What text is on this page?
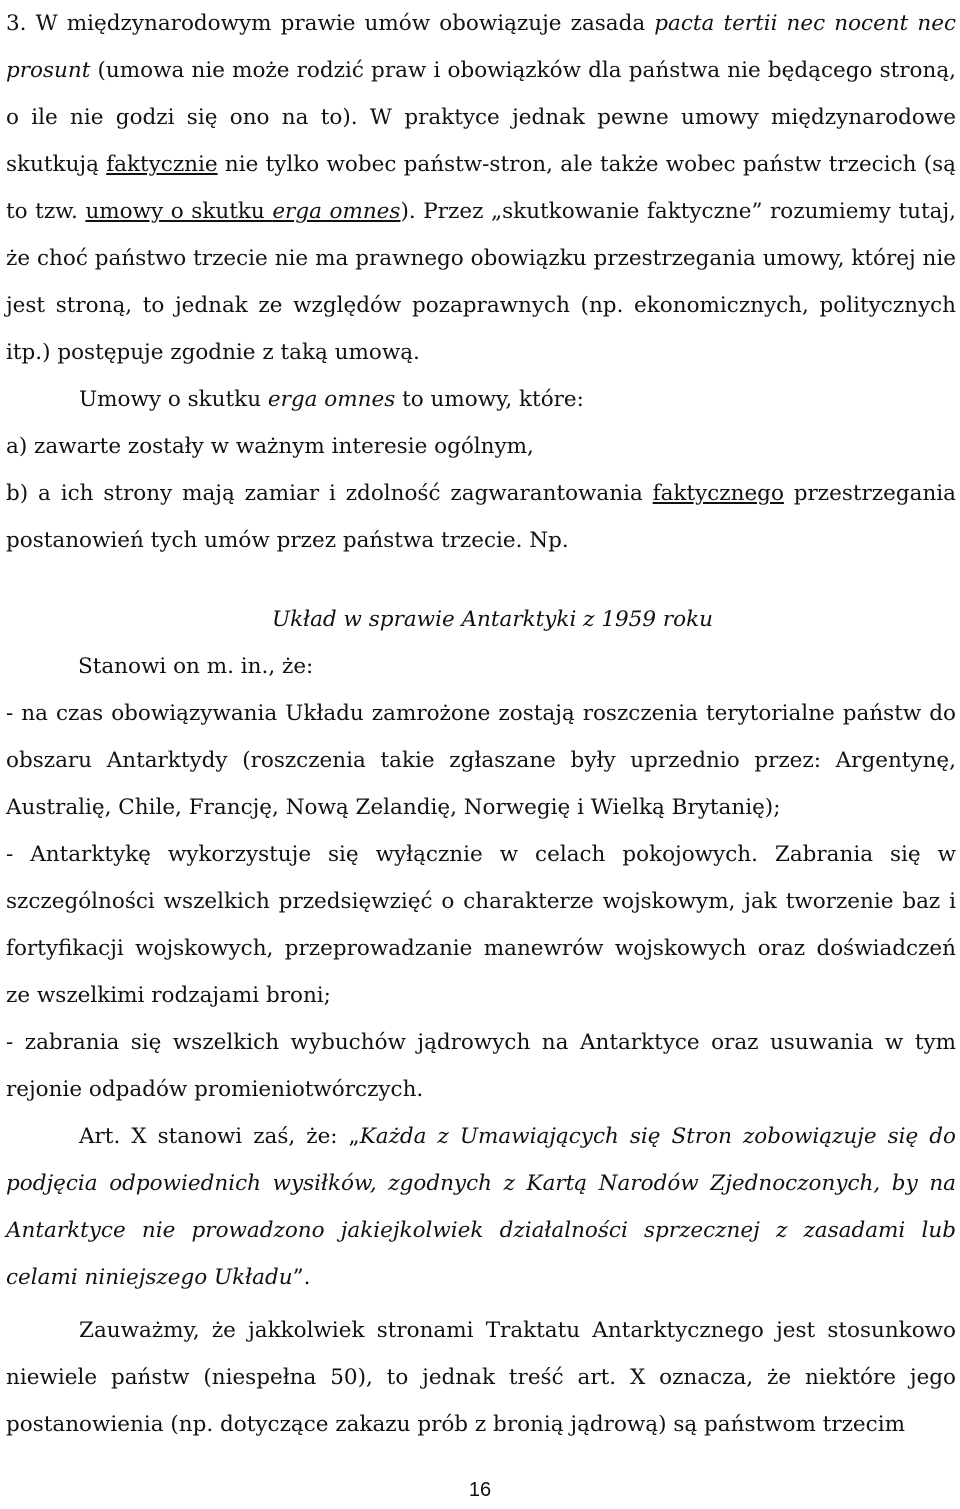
3. W międzynarodowym prawie umów obowiązuje zasada pacta tertii nec nocent nec prosunt (umowa nie może rodzić praw i obowiązków dla państwa nie będącego stroną, o ile nie godzi się ono na to). W praktyce jednak pewne umowy międzynarodowe skutkują faktycznie nie tylko wobec państw-stron, ale także wobec państw trzecich (są to tzw. umowy o skutku erga omnes). Przez „skutkowanie faktyczne” rozumiemy tutaj, że choć państwo trzecie nie ma prawnego obowiązku przestrzegania umowy, której nie jest stroną, to jednak ze względów pozaprawnych (np. ekonomicznych, politycznych itp.) postępuje zgodnie z taką umową.

Umowy o skutku erga omnes to umowy, które:

a) zawarte zostały w ważnym interesie ogólnym,

b) a ich strony mają zamiar i zdolność zagwarantowania faktycznego przestrzegania postanowień tych umów przez państwa trzecie. Np.

Układ w sprawie Antarktyki z 1959 roku

Stanowi on m. in., że:

- na czas obowiązywania Układu zamrożone zostają roszczenia terytorialne państw do obszaru Antarktydy (roszczenia takie zgłaszane były uprzednio przez: Argentynę, Australię, Chile, Francję, Nową Zelandię, Norwegię i Wielką Brytanię);

- Antarktykę wykorzystuje się wyłącznie w celach pokojowych. Zabrania się w szczególności wszelkich przedsięwzięć o charakterze wojskowym, jak tworzenie baz i fortyfikacji wojskowych, przeprowadzanie manewrów wojskowych oraz doświadczeń ze wszelkimi rodzajami broni;

- zabrania się wszelkich wybuchów jądrowych na Antarktyce oraz usuwania w tym rejonie odpadów promieniotwórczych.

Art. X stanowi zaś, że: „Każda z Umawiających się Stron zobowiązuje się do podjęcia odpowiednich wysiłków, zgodnych z Kartą Narodów Zjednoczonych, by na Antarktyce nie prowadzono jakiejkolwiek działalności sprzecznej z zasadami lub celami niniejszego Układu”.

Zauważmy, że jakkolwiek stronami Traktatu Antarktycznego jest stosunkowo niewiele państw (niespełna 50), to jednak treść art. X oznacza, że niektóre jego postanowienia (np. dotyczące zakazu prób z bronią jądrową) są państwom trzecim

16
